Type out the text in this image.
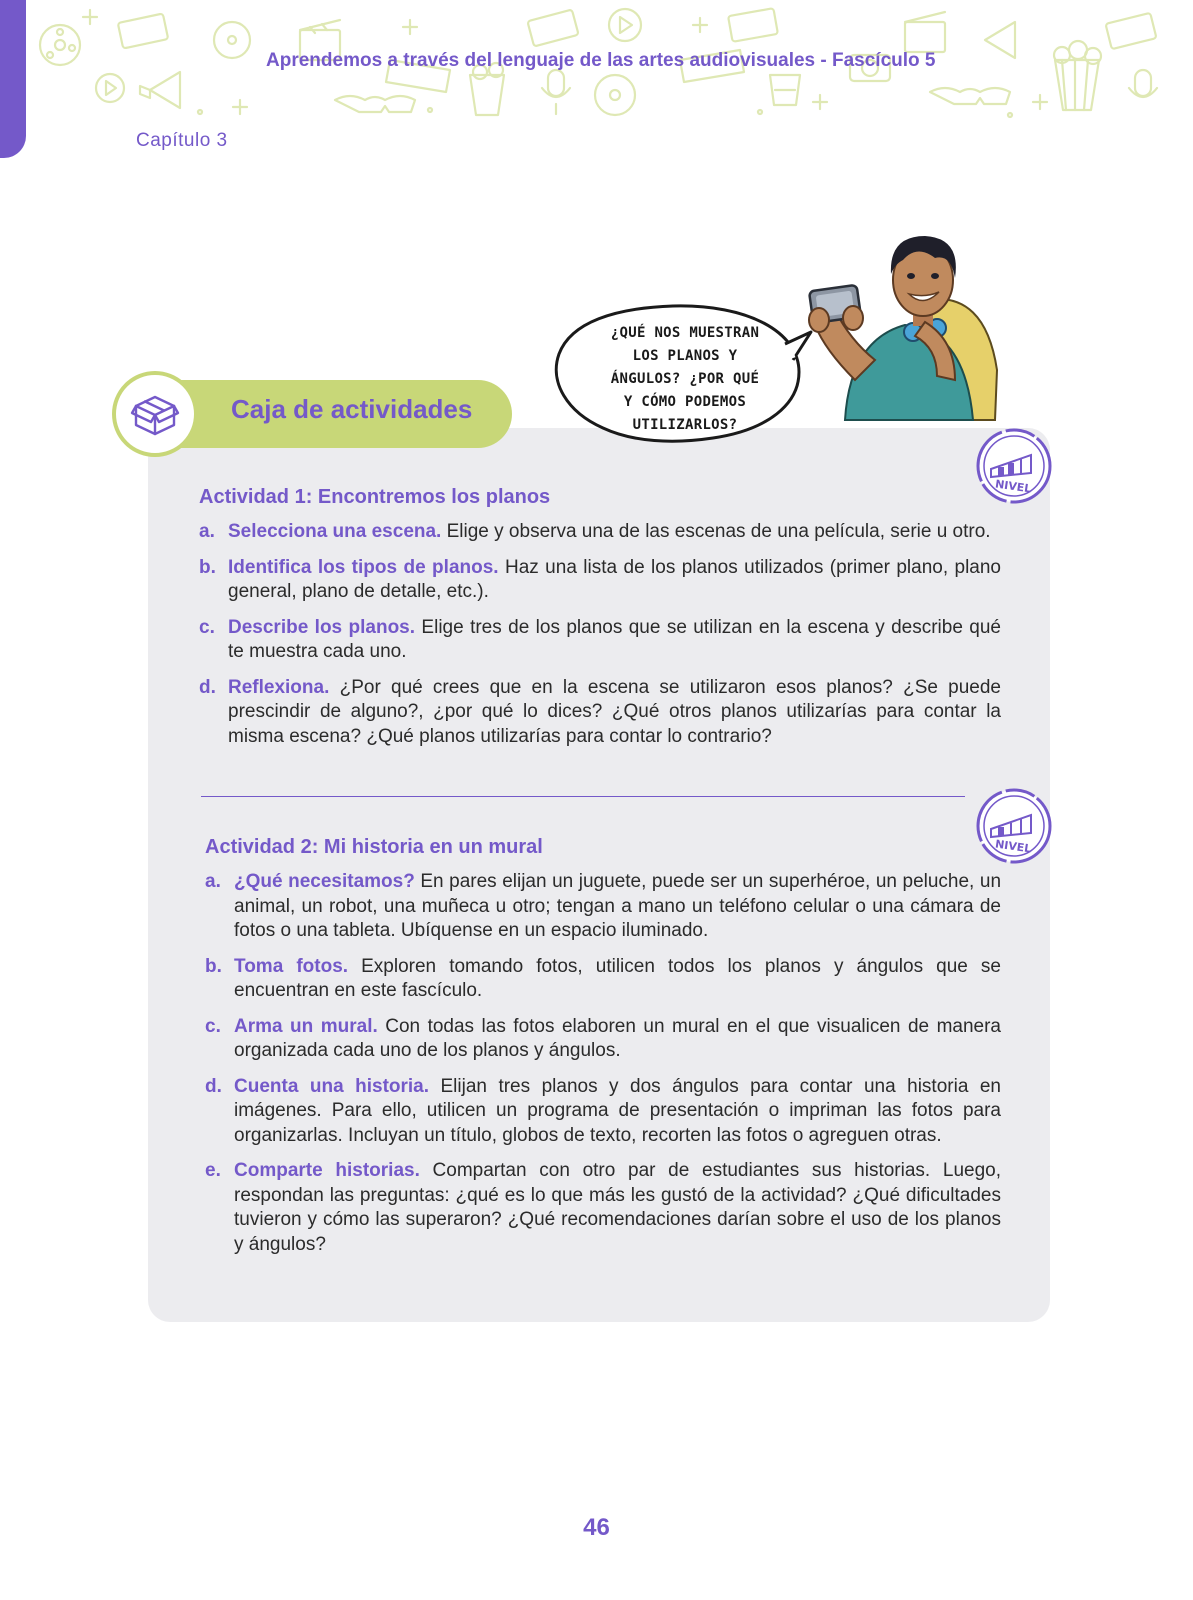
Aprendemos a través del lenguaje de las artes audiovisuales - Fascículo 5
Capítulo 3
Caja de actividades
¿QUÉ NOS MUESTRAN
LOS PLANOS Y
ÁNGULOS? ¿POR QUÉ
Y CÓMO PODEMOS
UTILIZARLOS?
NIVEL
NIVEL
Actividad 1: Encontremos los planos
a. Selecciona una escena. Elige y observa una de las escenas de una película, serie u otro.
b. Identifica los tipos de planos. Haz una lista de los planos utilizados (primer plano, plano general, plano de detalle, etc.).
c. Describe los planos. Elige tres de los planos que se utilizan en la escena y describe qué te muestra cada uno.
d. Reflexiona. ¿Por qué crees que en la escena se utilizaron esos planos? ¿Se puede prescindir de alguno?, ¿por qué lo dices? ¿Qué otros planos utilizarías para contar la misma escena? ¿Qué planos utilizarías para contar lo contrario?
Actividad 2: Mi historia en un mural
a. ¿Qué necesitamos? En pares elijan un juguete, puede ser un superhéroe, un peluche, un animal, un robot, una muñeca u otro; tengan a mano un teléfono celular o una cámara de fotos o una tableta. Ubíquense en un espacio iluminado.
b. Toma fotos. Exploren tomando fotos, utilicen todos los planos y ángulos que se encuentran en este fascículo.
c. Arma un mural. Con todas las fotos elaboren un mural en el que visualicen de manera organizada cada uno de los planos y ángulos.
d. Cuenta una historia. Elijan tres planos y dos ángulos para contar una historia en imágenes. Para ello, utilicen un programa de presentación o impriman las fotos para organizarlas. Incluyan un título, globos de texto, recorten las fotos o agreguen otras.
e. Comparte historias. Compartan con otro par de estudiantes sus historias. Luego, respondan las preguntas: ¿qué es lo que más les gustó de la actividad? ¿Qué dificultades tuvieron y cómo las superaron? ¿Qué recomendaciones darían sobre el uso de los planos y ángulos?
46
